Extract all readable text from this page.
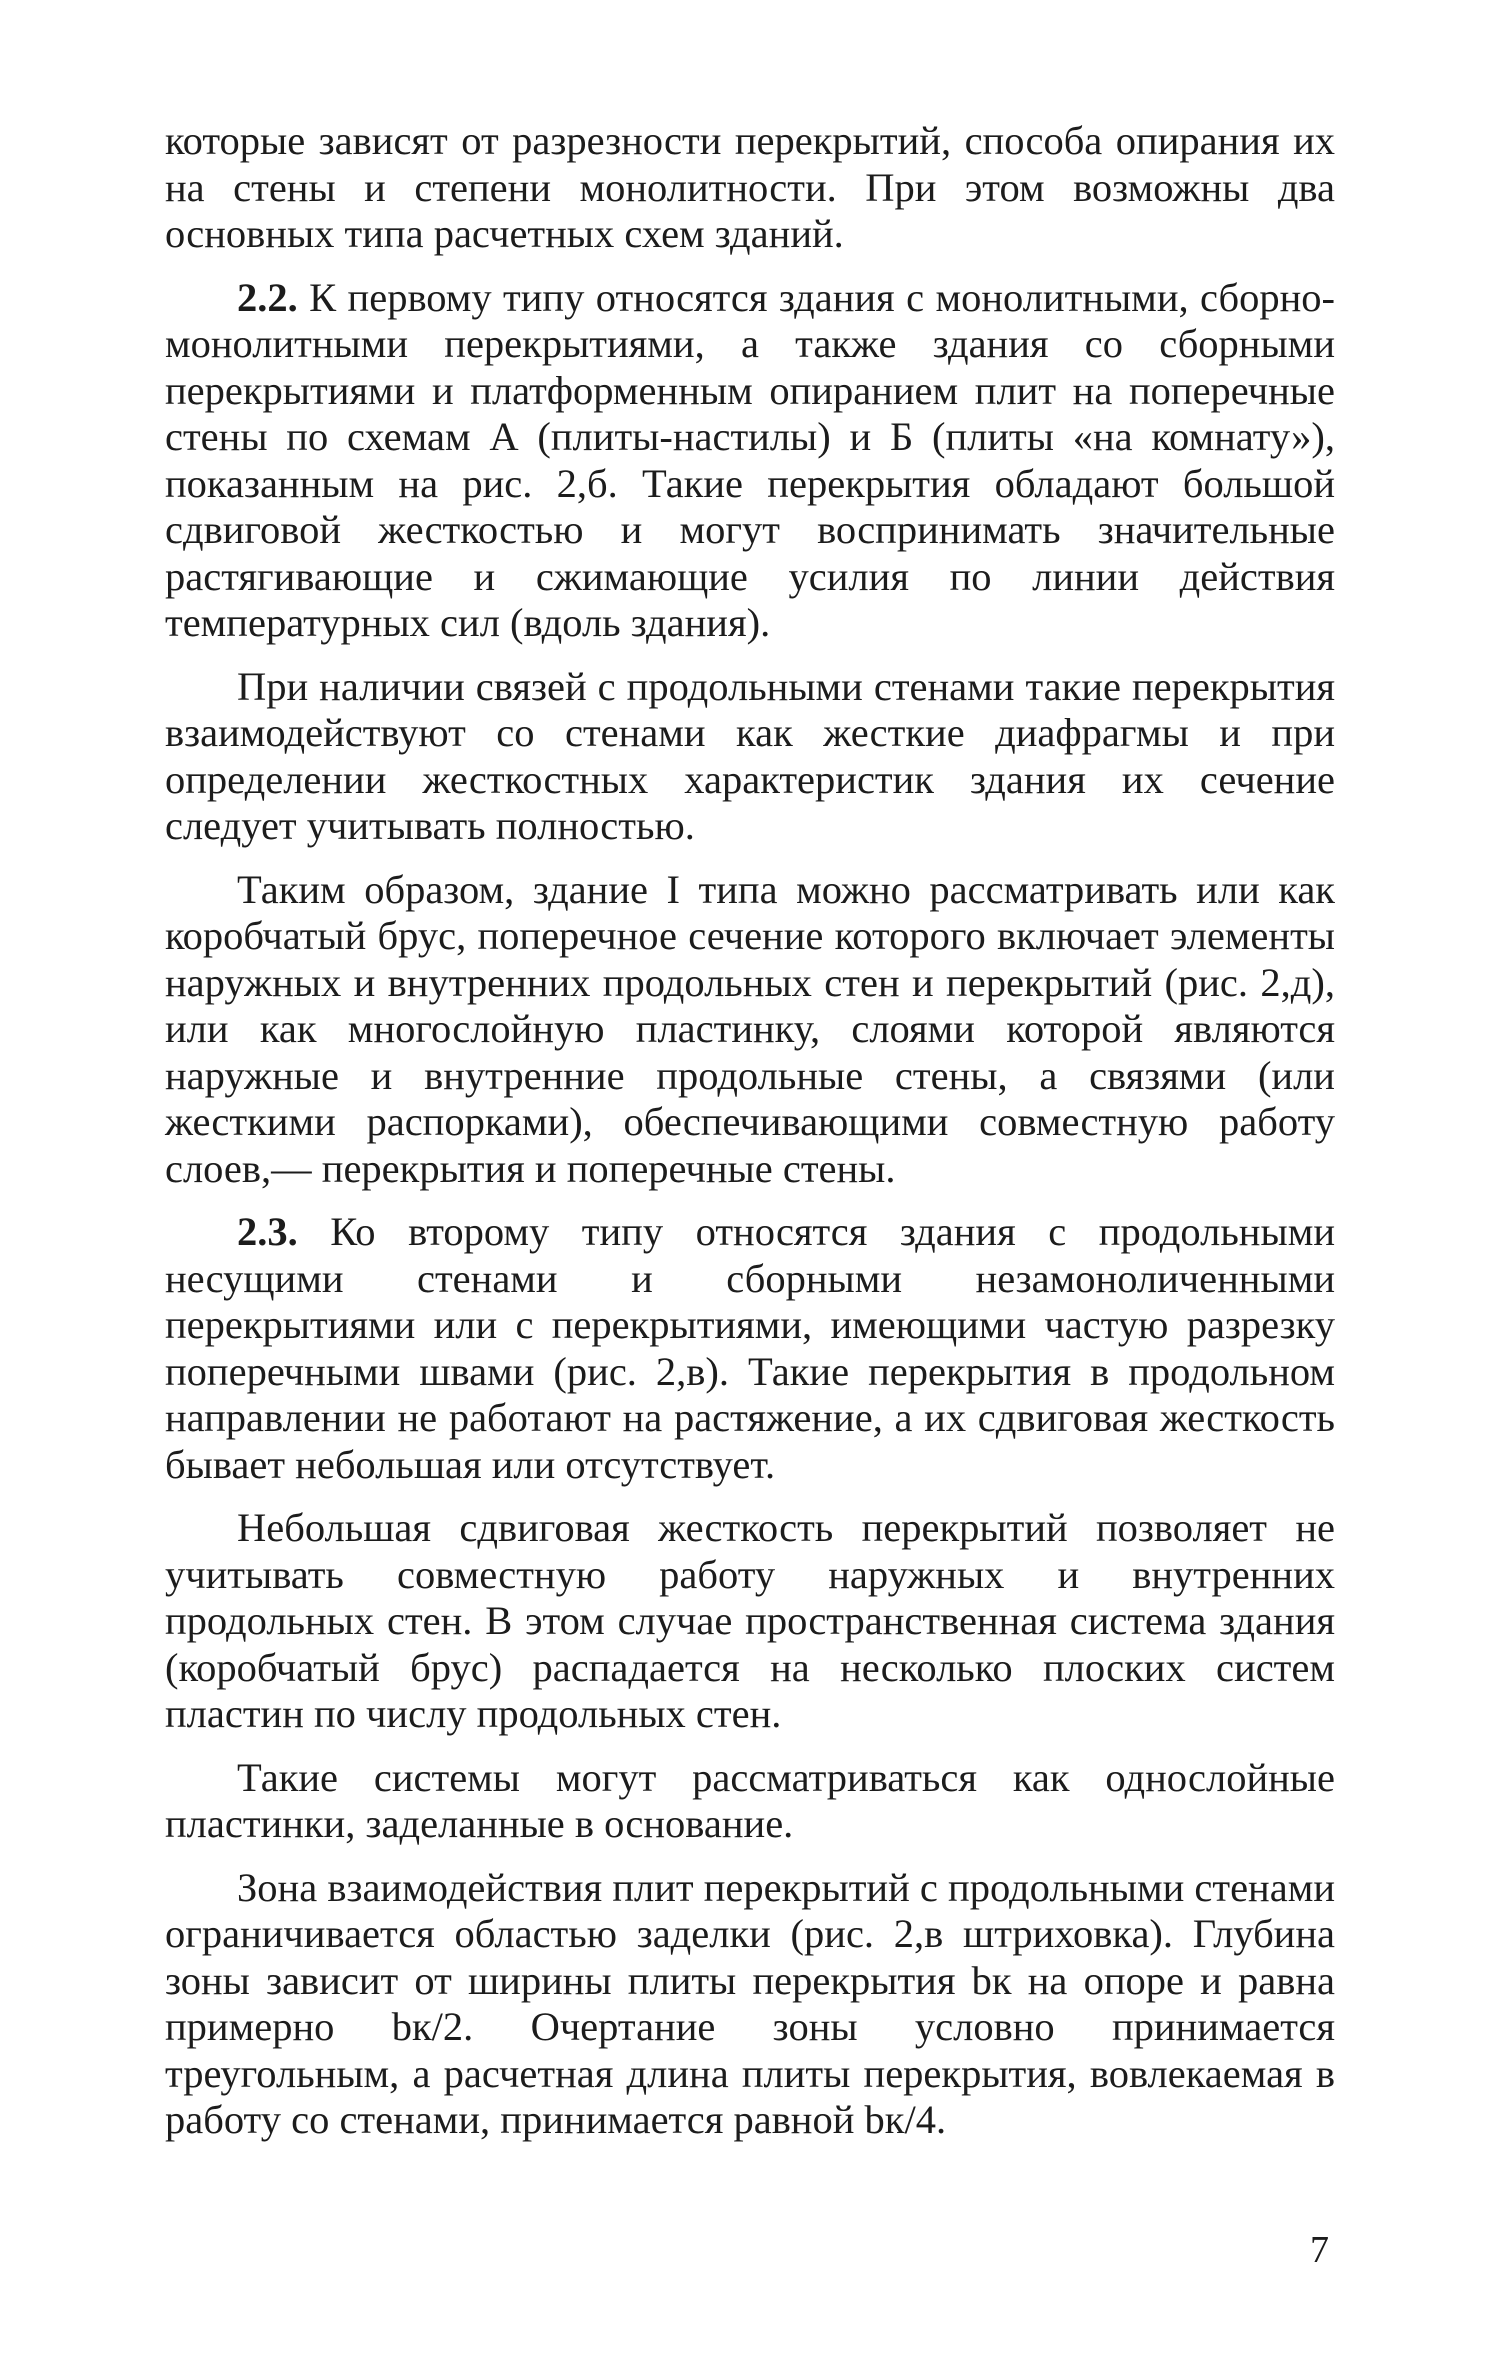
которые зависят от разрезности перекрытий, способа опирания их на стены и степени монолитности. При этом возможны два основных типа расчетных схем зданий.

2.2. К первому типу относятся здания с монолитными, сборно-монолитными перекрытиями, а также здания со сборными перекрытиями и платформенным опиранием плит на поперечные стены по схемам А (плиты-настилы) и Б (плиты «на комнату»), показанным на рис. 2,б. Такие перекрытия обладают большой сдвиговой жесткостью и могут воспринимать значительные растягивающие и сжимающие усилия по линии действия температурных сил (вдоль здания).

При наличии связей с продольными стенами такие перекрытия взаимодействуют со стенами как жесткие диафрагмы и при определении жесткостных характеристик здания их сечение следует учитывать полностью.

Таким образом, здание I типа можно рассматривать или как коробчатый брус, поперечное сечение которого включает элементы наружных и внутренних продольных стен и перекрытий (рис. 2,д), или как многослойную пластинку, слоями которой являются наружные и внутренние продольные стены, а связями (или жесткими распорками), обеспечивающими совместную работу слоев,— перекрытия и поперечные стены.

2.3. Ко второму типу относятся здания с продольными несущими стенами и сборными незамоноличенными перекрытиями или с перекрытиями, имеющими частую разрезку поперечными швами (рис. 2,в). Такие перекрытия в продольном направлении не работают на растяжение, а их сдвиговая жесткость бывает небольшая или отсутствует.

Небольшая сдвиговая жесткость перекрытий позволяет не учитывать совместную работу наружных и внутренних продольных стен. В этом случае пространственная система здания (коробчатый брус) распадается на несколько плоских систем пластин по числу продольных стен.

Такие системы могут рассматриваться как однослойные пластинки, заделанные в основание.

Зона взаимодействия плит перекрытий с продольными стенами ограничивается областью заделки (рис. 2,в штриховка). Глубина зоны зависит от ширины плиты перекрытия bк на опоре и равна примерно bк/2. Очертание зоны условно принимается треугольным, а расчетная длина плиты перекрытия, вовлекаемая в работу со стенами, принимается равной bк/4.

7
